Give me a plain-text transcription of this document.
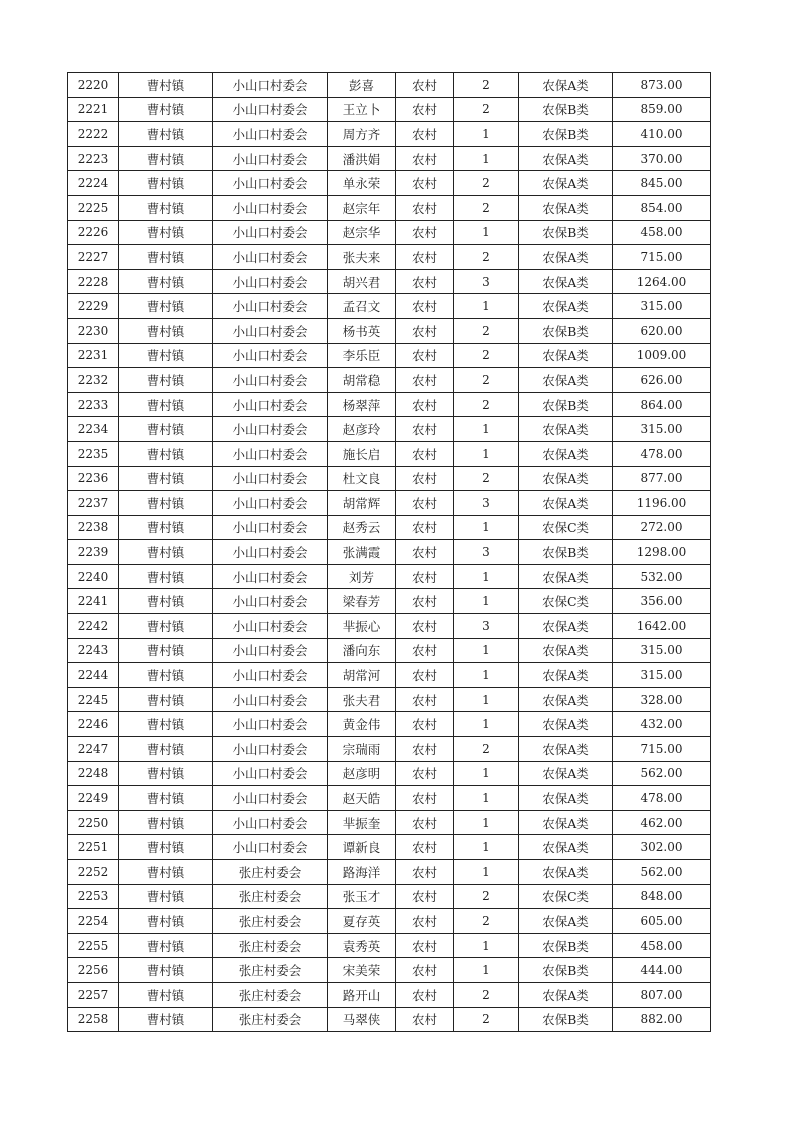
2220	曹村镇	小山口村委会	彭喜	农村	2	农保A类	873.00
2221	曹村镇	小山口村委会	王立卜	农村	2	农保B类	859.00
2222	曹村镇	小山口村委会	周方齐	农村	1	农保B类	410.00
2223	曹村镇	小山口村委会	潘洪娟	农村	1	农保A类	370.00
2224	曹村镇	小山口村委会	单永荣	农村	2	农保A类	845.00
2225	曹村镇	小山口村委会	赵宗年	农村	2	农保A类	854.00
2226	曹村镇	小山口村委会	赵宗华	农村	1	农保B类	458.00
2227	曹村镇	小山口村委会	张夫来	农村	2	农保A类	715.00
2228	曹村镇	小山口村委会	胡兴君	农村	3	农保A类	1264.00
2229	曹村镇	小山口村委会	孟召文	农村	1	农保A类	315.00
2230	曹村镇	小山口村委会	杨书英	农村	2	农保B类	620.00
2231	曹村镇	小山口村委会	李乐臣	农村	2	农保A类	1009.00
2232	曹村镇	小山口村委会	胡常稳	农村	2	农保A类	626.00
2233	曹村镇	小山口村委会	杨翠萍	农村	2	农保B类	864.00
2234	曹村镇	小山口村委会	赵彦玲	农村	1	农保A类	315.00
2235	曹村镇	小山口村委会	施长启	农村	1	农保A类	478.00
2236	曹村镇	小山口村委会	杜文良	农村	2	农保A类	877.00
2237	曹村镇	小山口村委会	胡常辉	农村	3	农保A类	1196.00
2238	曹村镇	小山口村委会	赵秀云	农村	1	农保C类	272.00
2239	曹村镇	小山口村委会	张满霞	农村	3	农保B类	1298.00
2240	曹村镇	小山口村委会	刘芳	农村	1	农保A类	532.00
2241	曹村镇	小山口村委会	梁春芳	农村	1	农保C类	356.00
2242	曹村镇	小山口村委会	芈振心	农村	3	农保A类	1642.00
2243	曹村镇	小山口村委会	潘向东	农村	1	农保A类	315.00
2244	曹村镇	小山口村委会	胡常河	农村	1	农保A类	315.00
2245	曹村镇	小山口村委会	张夫君	农村	1	农保A类	328.00
2246	曹村镇	小山口村委会	黄金伟	农村	1	农保A类	432.00
2247	曹村镇	小山口村委会	宗瑞雨	农村	2	农保A类	715.00
2248	曹村镇	小山口村委会	赵彦明	农村	1	农保A类	562.00
2249	曹村镇	小山口村委会	赵天皓	农村	1	农保A类	478.00
2250	曹村镇	小山口村委会	芈振奎	农村	1	农保A类	462.00
2251	曹村镇	小山口村委会	谭新良	农村	1	农保A类	302.00
2252	曹村镇	张庄村委会	路海洋	农村	1	农保A类	562.00
2253	曹村镇	张庄村委会	张玉才	农村	2	农保C类	848.00
2254	曹村镇	张庄村委会	夏存英	农村	2	农保A类	605.00
2255	曹村镇	张庄村委会	袁秀英	农村	1	农保B类	458.00
2256	曹村镇	张庄村委会	宋美荣	农村	1	农保B类	444.00
2257	曹村镇	张庄村委会	路开山	农村	2	农保A类	807.00
2258	曹村镇	张庄村委会	马翠侠	农村	2	农保B类	882.00
